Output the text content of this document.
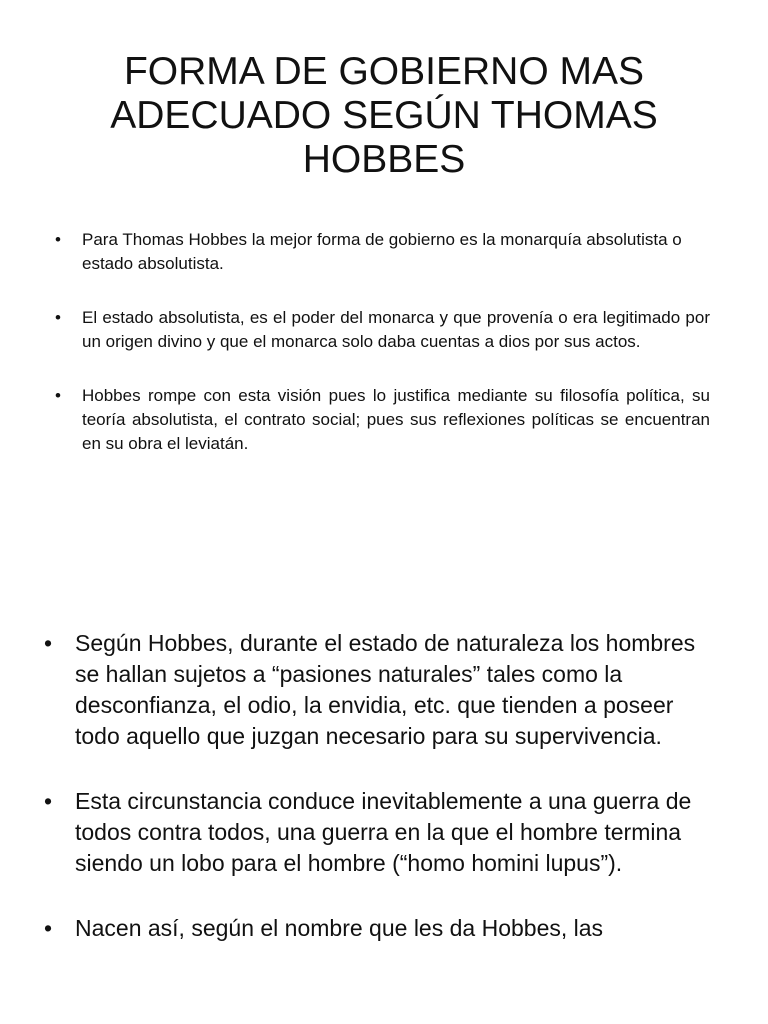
FORMA DE GOBIERNO MAS ADECUADO SEGÚN THOMAS HOBBES
• Para Thomas Hobbes la mejor forma de gobierno es la monarquía absolutista o estado absolutista.
• El estado absolutista, es el poder del monarca y que provenía o era legitimado por un origen divino y que el monarca solo daba cuentas a dios por sus actos.
• Hobbes rompe con esta visión pues lo justifica mediante su filosofía política, su teoría absolutista, el contrato social; pues sus reflexiones políticas se encuentran en su obra el leviatán.
• Según Hobbes, durante el estado de naturaleza los hombres se hallan sujetos a “pasiones naturales” tales como la desconfianza, el odio, la envidia, etc. que tienden a poseer todo aquello que juzgan necesario para su supervivencia.
• Esta circunstancia conduce inevitablemente a una guerra de todos contra todos, una guerra en la que el hombre termina siendo un lobo para el hombre (“homo homini lupus”).
• Nacen así, según el nombre que les da Hobbes, las
